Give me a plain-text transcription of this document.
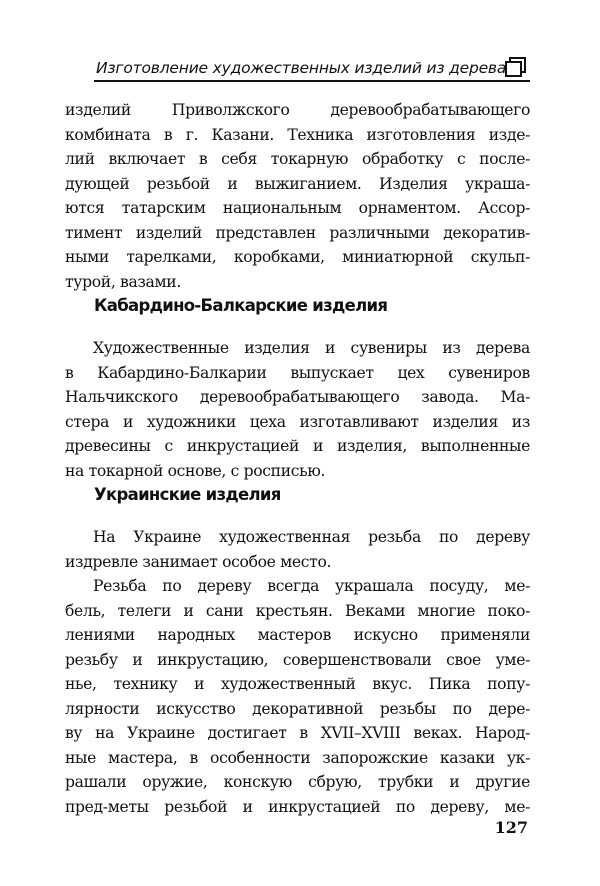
Изготовление художественных изделий из дерева
изделий Приволжского деревообрабатывающего
комбината в г. Казани. Техника изготовления изде-
лий включает в себя токарную обработку с после-
дующей резьбой и выжиганием. Изделия украша-
ются татарским национальным орнаментом. Ассор-
тимент изделий представлен различными декоратив-
ными тарелками, коробками, миниатюрной скульп-
турой, вазами.
Кабардино-Балкарские изделия
Художественные изделия и сувениры из дерева
в Кабардино-Балкарии выпускает цех сувениров
Нальчикского деревообрабатывающего завода. Ма-
стера и художники цеха изготавливают изделия из
древесины с инкрустацией и изделия, выполненные
на токарной основе, с росписью.
Украинские изделия
На Украине художественная резьба по дереву
издревле занимает особое место.
Резьба по дереву всегда украшала посуду, ме-
бель, телеги и сани крестьян. Веками многие поко-
лениями народных мастеров искусно применяли
резьбу и инкрустацию, совершенствовали свое уме-
нье, технику и художественный вкус. Пика попу-
лярности искусство декоративной резьбы по дере-
ву на Украине достигает в XVII–XVIII веках. Народ-
ные мастера, в особенности запорожские казаки ук-
рашали оружие, конскую сбрую, трубки и другие
пред-меты резьбой и инкрустацией по дереву, ме-
127
